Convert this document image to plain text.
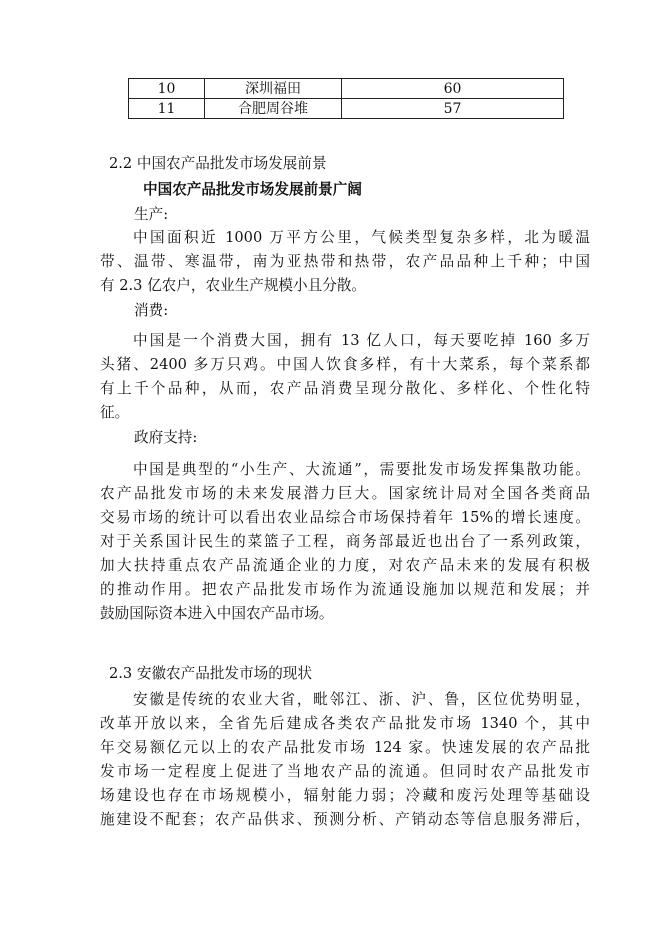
10	深圳福田	60
11	合肥周谷堆	57
2.2 中国农产品批发市场发展前景
中国农产品批发市场发展前景广阔
生产:
中国面积近 1000 万平方公里，气候类型复杂多样，北为暖温
带、温带、寒温带，南为亚热带和热带，农产品品种上千种；中国
有 2.3 亿农户，农业生产规模小且分散。
消费:
中国是一个消费大国，拥有 13 亿人口，每天要吃掉 160 多万
头猪、2400 多万只鸡。中国人饮食多样，有十大菜系，每个菜系都
有上千个品种，从而，农产品消费呈现分散化、多样化、个性化特
征。
政府支持:
中国是典型的“小生产、大流通”，需要批发市场发挥集散功能。
农产品批发市场的未来发展潜力巨大。国家统计局对全国各类商品
交易市场的统计可以看出农业品综合市场保持着年 15%的增长速度。
对于关系国计民生的菜篮子工程，商务部最近也出台了一系列政策，
加大扶持重点农产品流通企业的力度，对农产品未来的发展有积极
的推动作用。把农产品批发市场作为流通设施加以规范和发展；并
鼓励国际资本进入中国农产品市场。
2.3 安徽农产品批发市场的现状
安徽是传统的农业大省，毗邻江、浙、沪、鲁，区位优势明显，
改革开放以来，全省先后建成各类农产品批发市场 1340 个，其中
年交易额亿元以上的农产品批发市场 124 家。快速发展的农产品批
发市场一定程度上促进了当地农产品的流通。但同时农产品批发市
场建设也存在市场规模小，辐射能力弱；冷藏和废污处理等基础设
施建设不配套；农产品供求、预测分析、产销动态等信息服务滞后，
